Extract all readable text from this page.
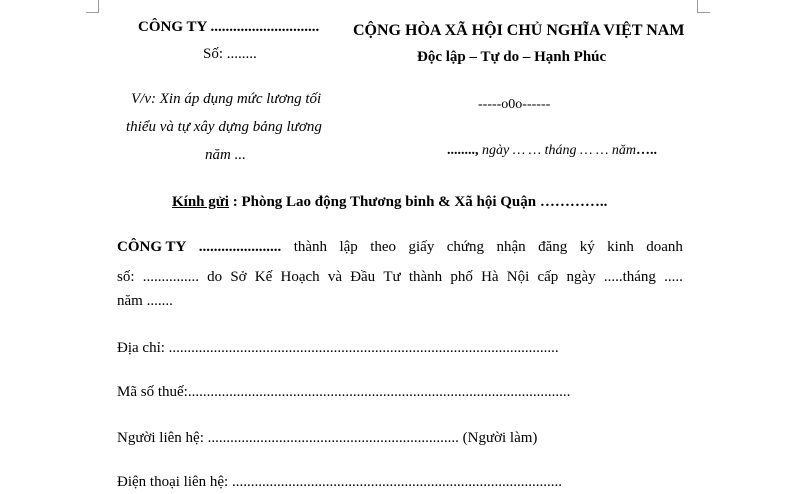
CÔNG TY .............................
Số: ........
V/v: Xin áp dụng mức lương tối
thiểu và tự xây dựng bảng lương
năm ...
CỘNG HÒA XÃ HỘI CHỦ NGHĨA VIỆT NAM
Độc lập – Tự do – Hạnh Phúc
-----o0o------
........, ngày … … tháng … … năm…..
Kính gửi : Phòng Lao động Thương binh & Xã hội Quận …………..
CÔNG TY ...................... thành lập theo giấy chứng nhận đăng ký kinh doanh
số: ............... do Sở Kế Hoạch và Đầu Tư thành phố Hà Nội cấp ngày .....tháng .....
năm .......
Địa chỉ: ........................................................................................................
Mã số thuế:......................................................................................................
Người liên hệ: ................................................................... (Người làm)
Điện thoại liên hệ: ........................................................................................
